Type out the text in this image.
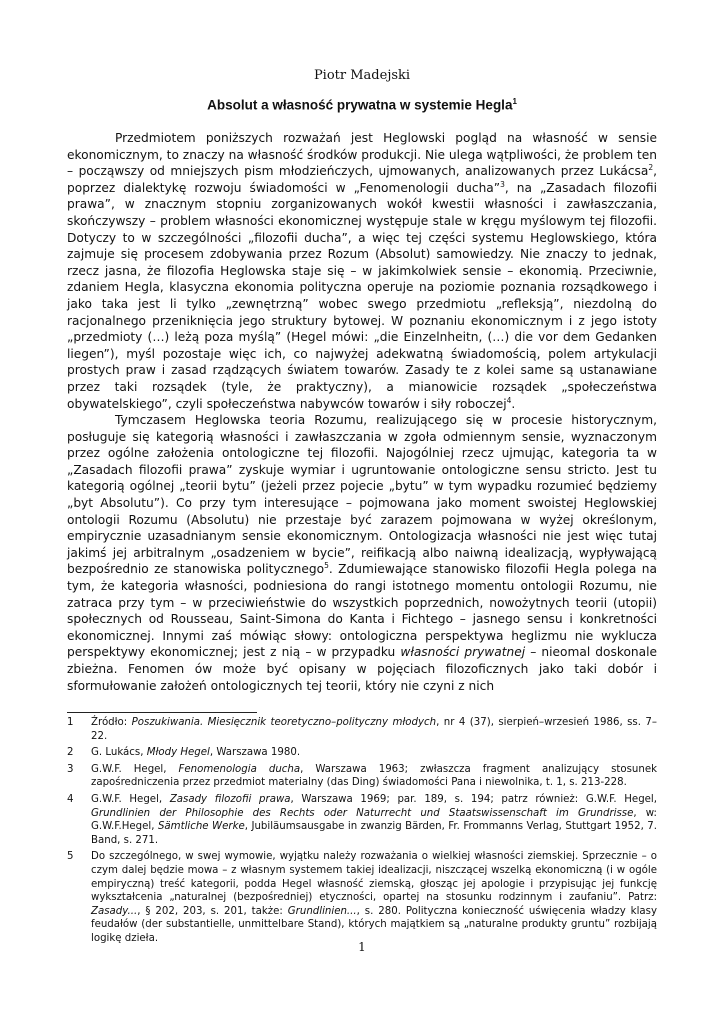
Piotr Madejski
Absolut a własność prywatna w systemie Hegla$^1$

Przedmiotem poniższych rozważań jest Heglowski pogląd na własność w sensie ekonomicznym, to znaczy na własność środków produkcji. Nie ulega wątpliwości, że problem ten – począwszy od mniejszych pism młodzieńczych, ujmowanych, analizowanych przez Lukácsa$^2$, poprzez dialektykę rozwoju świadomości w „Fenomenologii ducha”$^3$, na „Zasadach filozofii prawa”, w znacznym stopniu zorganizowanych wokół kwestii własności i zawłaszczania, skończywszy – problem własności ekonomicznej występuje stale w kręgu myślowym tej filozofii. Dotyczy to w szczególności „filozofii ducha”, a więc tej części systemu Heglowskiego, która zajmuje się procesem zdobywania przez Rozum (Absolut) samowiedzy. Nie znaczy to jednak, rzecz jasna, że filozofia Heglowska staje się – w jakimkolwiek sensie – ekonomią. Przeciwnie, zdaniem Hegla, klasyczna ekonomia polityczna operuje na poziomie poznania rozsądkowego i jako taka jest li tylko „zewnętrzną” wobec swego przedmiotu „refleksją”, niezdolną do racjonalnego przeniknięcia jego struktury bytowej. W poznaniu ekonomicznym i z jego istoty „przedmioty (…) leżą poza myślą” (Hegel mówi: „die Einzelnheitn, (…) die vor dem Gedanken liegen”), myśl pozostaje więc ich, co najwyżej adekwatną świadomością, polem artykulacji prostych praw i zasad rządzących światem towarów. Zasady te z kolei same są ustanawiane przez taki rozsądek (tyle, że praktyczny), a mianowicie rozsądek „społeczeństwa obywatelskiego”, czyli społeczeństwa nabywców towarów i siły roboczej$^4$.

Tymczasem Heglowska teoria Rozumu, realizującego się w procesie historycznym, posługuje się kategorią własności i zawłaszczania w zgoła odmiennym sensie, wyznaczonym przez ogólne założenia ontologiczne tej filozofii. Najogólniej rzecz ujmując, kategoria ta w „Zasadach filozofii prawa” zyskuje wymiar i ugruntowanie ontologiczne sensu stricto. Jest tu kategorią ogólnej „teorii bytu” (jeżeli przez pojecie „bytu” w tym wypadku rozumieć będziemy „byt Absolutu”). Co przy tym interesujące – pojmowana jako moment swoistej Heglowskiej ontologii Rozumu (Absolutu) nie przestaje być zarazem pojmowana w wyżej określonym, empirycznie uzasadnianym sensie ekonomicznym. Ontologizacja własności nie jest więc tutaj jakimś jej arbitralnym „osadzeniem w bycie”, reifikacją albo naiwną idealizacją, wypływającą bezpośrednio ze stanowiska politycznego$^5$. Zdumiewające stanowisko filozofii Hegla polega na tym, że kategoria własności, podniesiona do rangi istotnego momentu ontologii Rozumu, nie zatraca przy tym – w przeciwieństwie do wszystkich poprzednich, nowożytnych teorii (utopii) społecznych od Rousseau, Saint-Simona do Kanta i Fichtego – jasnego sensu i konkretności ekonomicznej. Innymi zaś mówiąc słowy: ontologiczna perspektywa heglizmu nie wyklucza perspektywy ekonomicznej; jest z nią – w przypadku własności prywatnej – nieomal doskonale zbieżna. Fenomen ów może być opisany w pojęciach filozoficznych jako taki dobór i sformułowanie założeń ontologicznych tej teorii, który nie czyni z nich

1	Źródło: Poszukiwania. Miesięcznik teoretyczno–polityczny młodych, nr 4 (37), sierpień–wrzesień 1986, ss. 7–22.
2	G. Lukács, Młody Hegel, Warszawa 1980.
3	G.W.F. Hegel, Fenomenologia ducha, Warszawa 1963; zwłaszcza fragment analizujący stosunek zapośredniczenia przez przedmiot materialny (das Ding) świadomości Pana i niewolnika, t. 1, s. 213-228.
4	G.W.F. Hegel, Zasady filozofii prawa, Warszawa 1969; par. 189, s. 194; patrz również: G.W.F. Hegel, Grundlinien der Philosophie des Rechts oder Naturrecht und Staatswissenschaft im Grundrisse, w: G.W.F.Hegel, Sämtliche Werke, Jubiläumsausgabe in zwanzig Bärden, Fr. Frommanns Verlag, Stuttgart 1952, 7. Band, s. 271.
5	Do szczególnego, w swej wymowie, wyjątku należy rozważania o wielkiej własności ziemskiej. Sprzecznie – o czym dalej będzie mowa – z własnym systemem takiej idealizacji, niszczącej wszelką ekonomiczną (i w ogóle empiryczną) treść kategorii, podda Hegel własność ziemską, głosząc jej apologie i przypisując jej funkcję wykształcenia „naturalnej (bezpośredniej) etyczności, opartej na stosunku rodzinnym i zaufaniu”. Patrz: Zasady..., § 202, 203, s. 201, także: Grundlinien..., s. 280. Polityczna konieczność uświęcenia władzy klasy feudałów (der substantielle, unmittelbare Stand), których majątkiem są „naturalne produkty gruntu” rozbijają logikę dzieła.
1
